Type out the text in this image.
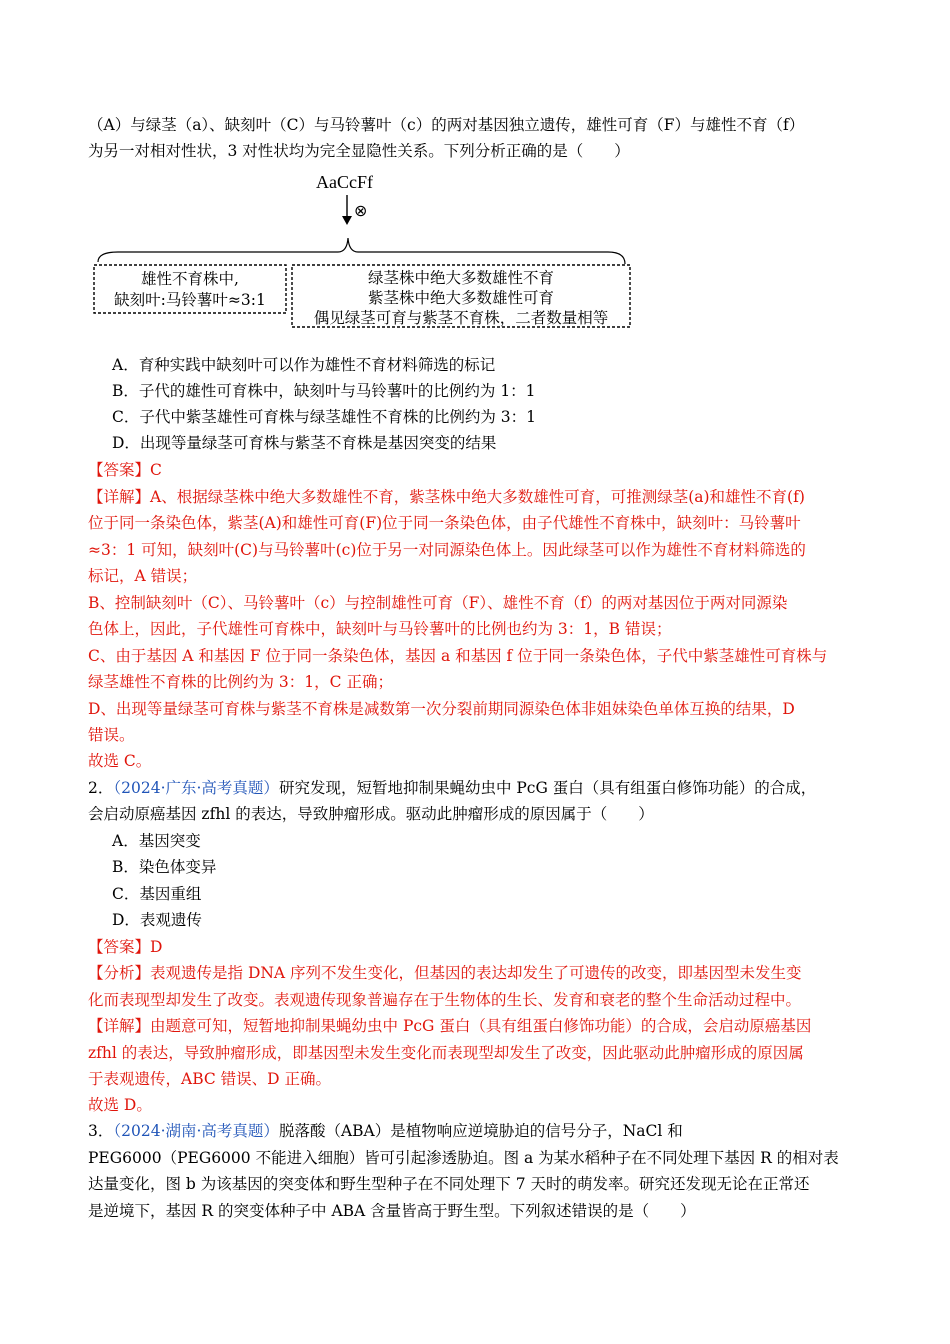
（A）与绿茎（a）、缺刻叶（C）与马铃薯叶（c）的两对基因独立遗传，雄性可育（F）与雄性不育（f）

为另一对相对性状，3 对性状均为完全显隐性关系。下列分析正确的是（　　）

AaCcFf
⊗
雄性不育株中,
缺刻叶:马铃薯叶≈3:1
绿茎株中绝大多数雄性不育
紫茎株中绝大多数雄性可育
偶见绿茎可育与紫茎不育株，二者数量相等

A．育种实践中缺刻叶可以作为雄性不育材料筛选的标记

B．子代的雄性可育株中，缺刻叶与马铃薯叶的比例约为 1：1

C．子代中紫茎雄性可育株与绿茎雄性不育株的比例约为 3：1

D．出现等量绿茎可育株与紫茎不育株是基因突变的结果

【答案】C

【详解】A、根据绿茎株中绝大多数雄性不育，紫茎株中绝大多数雄性可育，可推测绿茎(a)和雄性不育(f)

位于同一条染色体，紫茎(A)和雄性可育(F)位于同一条染色体，由子代雄性不育株中，缺刻叶：马铃薯叶

≈3：1 可知，缺刻叶(C)与马铃薯叶(c)位于另一对同源染色体上。因此绿茎可以作为雄性不育材料筛选的

标记，A 错误；

B、控制缺刻叶（C）、马铃薯叶（c）与控制雄性可育（F）、雄性不育（f）的两对基因位于两对同源染

色体上，因此，子代雄性可育株中，缺刻叶与马铃薯叶的比例也约为 3：1，B 错误；

C、由于基因 A 和基因 F 位于同一条染色体，基因 a 和基因 f 位于同一条染色体，子代中紫茎雄性可育株与

绿茎雄性不育株的比例约为 3：1，C 正确；

D、出现等量绿茎可育株与紫茎不育株是减数第一次分裂前期同源染色体非姐妹染色单体互换的结果，D

错误。

故选 C。

2．（2024·广东·高考真题）研究发现，短暂地抑制果蝇幼虫中 PcG 蛋白（具有组蛋白修饰功能）的合成，

会启动原癌基因 zfhl 的表达，导致肿瘤形成。驱动此肿瘤形成的原因属于（　　）

A．基因突变

B．染色体变异

C．基因重组

D．表观遗传

【答案】D

【分析】表观遗传是指 DNA 序列不发生变化，但基因的表达却发生了可遗传的改变，即基因型未发生变

化而表现型却发生了改变。表观遗传现象普遍存在于生物体的生长、发育和衰老的整个生命活动过程中。

【详解】由题意可知，短暂地抑制果蝇幼虫中 PcG 蛋白（具有组蛋白修饰功能）的合成，会启动原癌基因

zfhl 的表达，导致肿瘤形成，即基因型未发生变化而表现型却发生了改变，因此驱动此肿瘤形成的原因属

于表观遗传，ABC 错误、D 正确。

故选 D。

3．（2024·湖南·高考真题）脱落酸（ABA）是植物响应逆境胁迫的信号分子，NaCl 和

PEG6000（PEG6000 不能进入细胞）皆可引起渗透胁迫。图 a 为某水稻种子在不同处理下基因 R 的相对表

达量变化，图 b 为该基因的突变体和野生型种子在不同处理下 7 天时的萌发率。研究还发现无论在正常还

是逆境下，基因 R 的突变体种子中 ABA 含量皆高于野生型。下列叙述错误的是（　　）
